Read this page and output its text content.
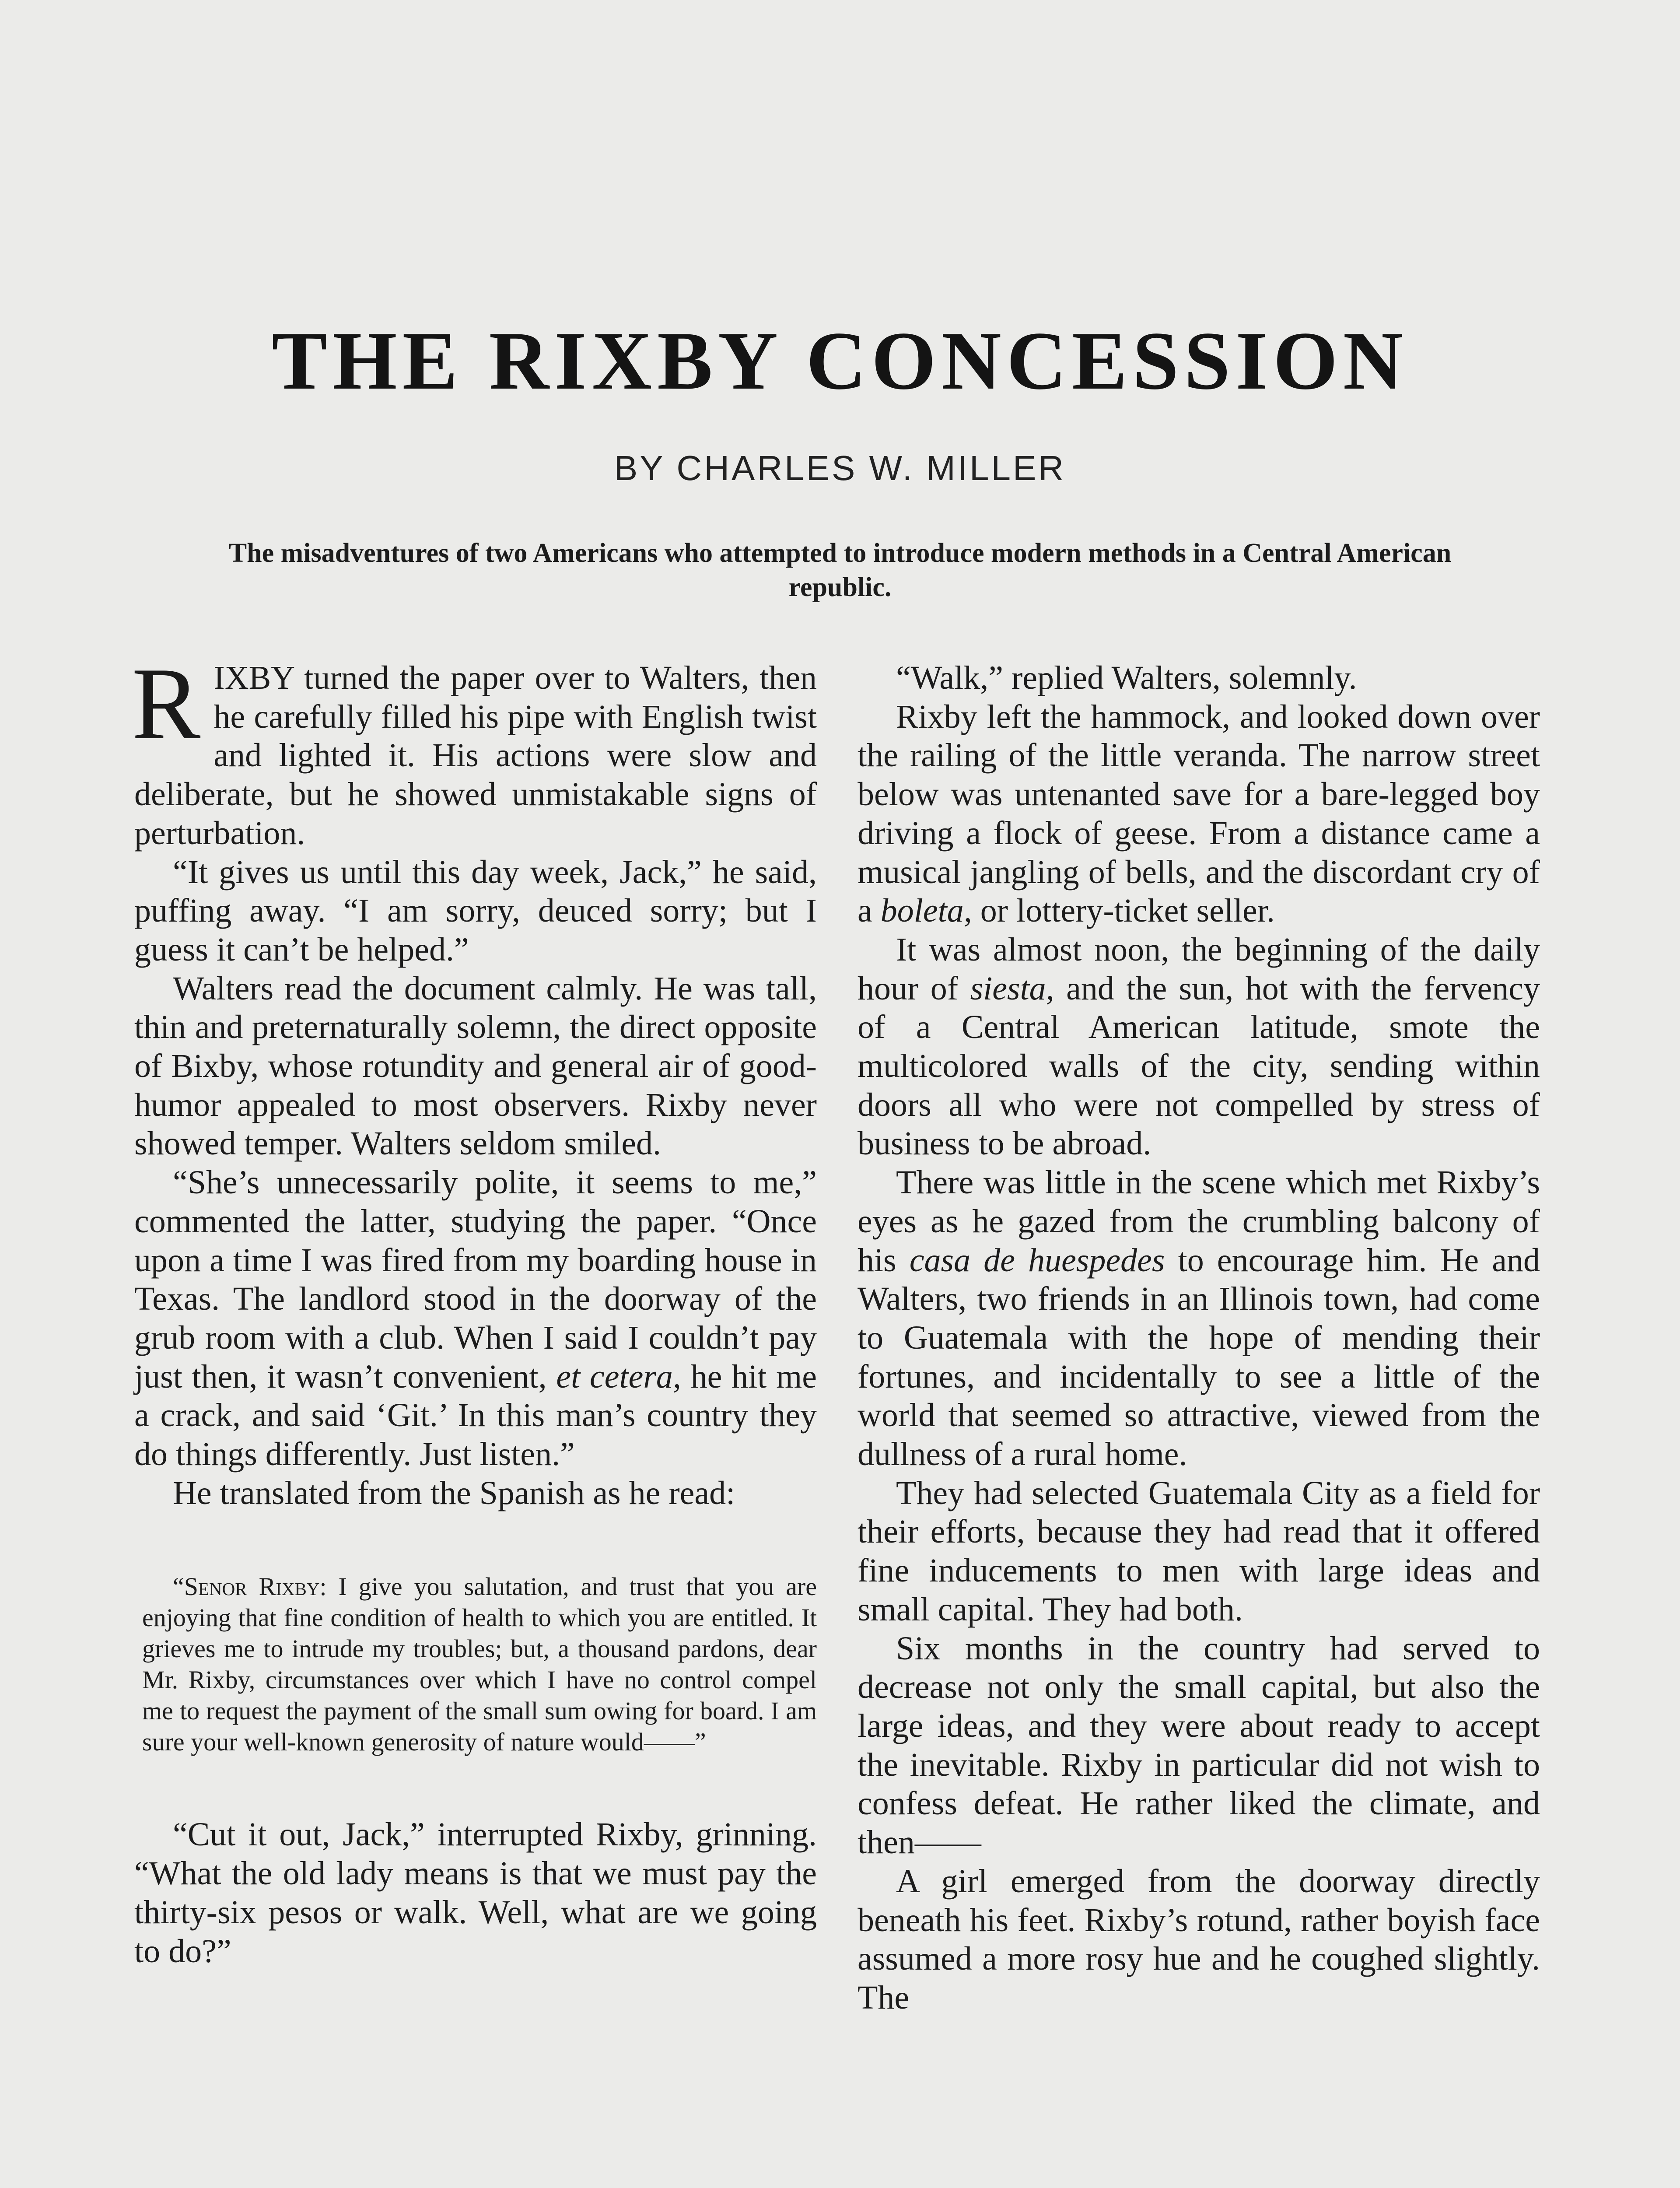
THE RIXBY CONCESSION
BY CHARLES W. MILLER
The misadventures of two Americans who attempted to introduce modern methods in a Central American republic.

RIXBY turned the paper over to Walters, then he carefully filled his pipe with English twist and lighted it. His actions were slow and deliberate, but he showed unmistakable signs of perturbation.

“It gives us until this day week, Jack,” he said, puffing away. “I am sorry, deuced sorry; but I guess it can’t be helped.”

Walters read the document calmly. He was tall, thin and preternaturally solemn, the direct opposite of Bixby, whose rotundity and general air of good-humor appealed to most observers. Rixby never showed temper. Walters seldom smiled.

“She’s unnecessarily polite, it seems to me,” commented the latter, studying the paper. “Once upon a time I was fired from my boarding house in Texas. The landlord stood in the doorway of the grub room with a club. When I said I couldn’t pay just then, it wasn’t convenient, et cetera, he hit me a crack, and said ‘Git.’ In this man’s country they do things differently. Just listen.”

He translated from the Spanish as he read:

“Senor Rixby: I give you salutation, and trust that you are enjoying that fine condition of health to which you are entitled. It grieves me to intrude my troubles; but, a thousand pardons, dear Mr. Rixby, circumstances over which I have no control compel me to request the payment of the small sum owing for board. I am sure your well-known generosity of nature would——”

“Cut it out, Jack,” interrupted Rixby, grinning. “What the old lady means is that we must pay the thirty-six pesos or walk. Well, what are we going to do?”

“Walk,” replied Walters, solemnly.

Rixby left the hammock, and looked down over the railing of the little veranda. The narrow street below was untenanted save for a bare-legged boy driving a flock of geese. From a distance came a musical jangling of bells, and the discordant cry of a boleta, or lottery-ticket seller.

It was almost noon, the beginning of the daily hour of siesta, and the sun, hot with the fervency of a Central American latitude, smote the multicolored walls of the city, sending within doors all who were not compelled by stress of business to be abroad.

There was little in the scene which met Rixby’s eyes as he gazed from the crumbling balcony of his casa de huespedes to encourage him. He and Walters, two friends in an Illinois town, had come to Guatemala with the hope of mending their fortunes, and incidentally to see a little of the world that seemed so attractive, viewed from the dullness of a rural home.

They had selected Guatemala City as a field for their efforts, because they had read that it offered fine inducements to men with large ideas and small capital. They had both.

Six months in the country had served to decrease not only the small capital, but also the large ideas, and they were about ready to accept the inevitable. Rixby in particular did not wish to confess defeat. He rather liked the climate, and then——

A girl emerged from the doorway directly beneath his feet. Rixby’s rotund, rather boyish face assumed a more rosy hue and he coughed slightly. The
